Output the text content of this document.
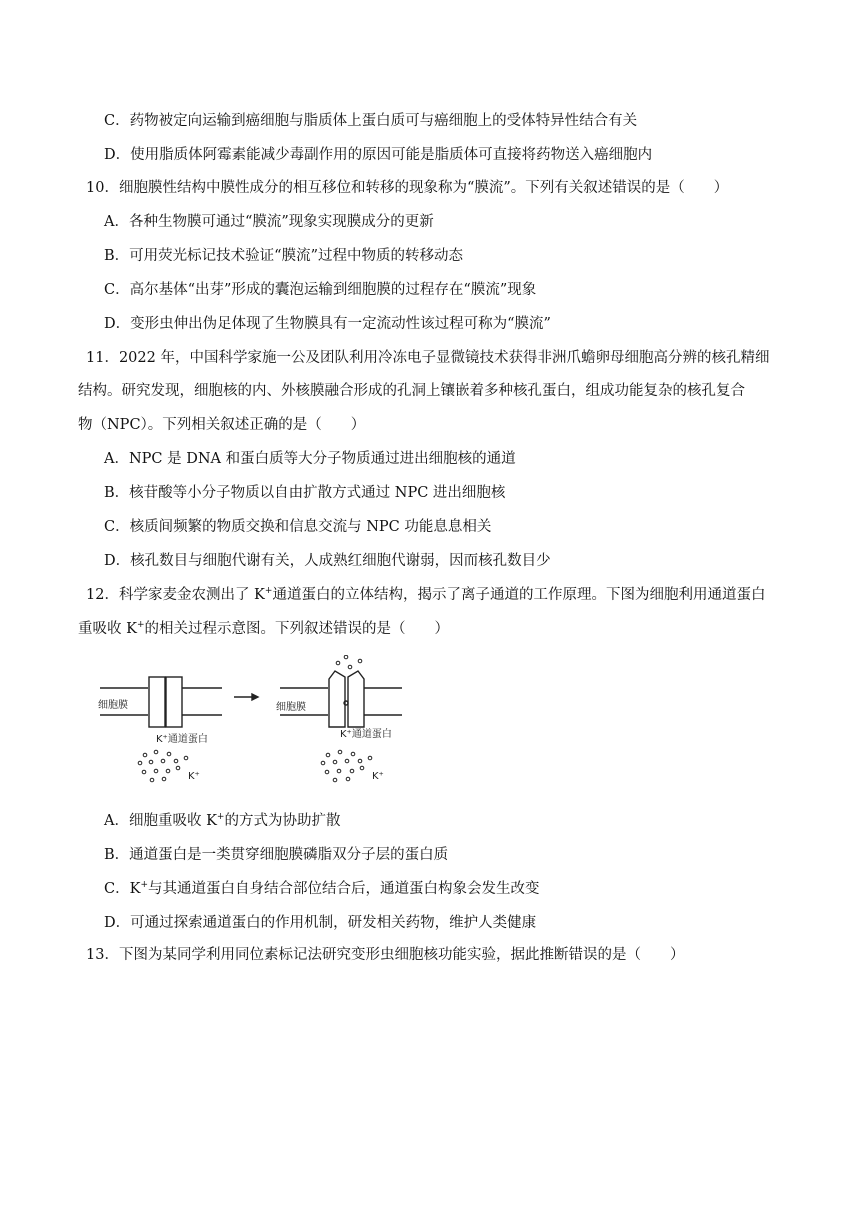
C．药物被定向运输到癌细胞与脂质体上蛋白质可与癌细胞上的受体特异性结合有关
D．使用脂质体阿霉素能减少毒副作用的原因可能是脂质体可直接将药物送入癌细胞内
10．细胞膜性结构中膜性成分的相互移位和转移的现象称为“膜流”。下列有关叙述错误的是（　　）
A．各种生物膜可通过“膜流”现象实现膜成分的更新
B．可用荧光标记技术验证“膜流”过程中物质的转移动态
C．高尔基体“出芽”形成的囊泡运输到细胞膜的过程存在“膜流”现象
D．变形虫伸出伪足体现了生物膜具有一定流动性该过程可称为“膜流”
11．2022 年，中国科学家施一公及团队利用冷冻电子显微镜技术获得非洲爪蟾卵母细胞高分辨的核孔精细
结构。研究发现，细胞核的内、外核膜融合形成的孔洞上镶嵌着多种核孔蛋白，组成功能复杂的核孔复合
物（NPC）。下列相关叙述正确的是（　　）
A．NPC 是 DNA 和蛋白质等大分子物质通过进出细胞核的通道
B．核苷酸等小分子物质以自由扩散方式通过 NPC 进出细胞核
C．核质间频繁的物质交换和信息交流与 NPC 功能息息相关
D．核孔数目与细胞代谢有关，人成熟红细胞代谢弱，因而核孔数目少
12．科学家麦金农测出了 K+通道蛋白的立体结构，揭示了离子通道的工作原理。下图为细胞利用通道蛋白
重吸收 K+的相关过程示意图。下列叙述错误的是（　　）
细胞膜
K⁺通道蛋白
K⁺
细胞膜
K⁺通道蛋白
K⁺
A．细胞重吸收 K+的方式为协助扩散
B．通道蛋白是一类贯穿细胞膜磷脂双分子层的蛋白质
C．K+与其通道蛋白自身结合部位结合后，通道蛋白构象会发生改变
D．可通过探索通道蛋白的作用机制，研发相关药物，维护人类健康
13．下图为某同学利用同位素标记法研究变形虫细胞核功能实验，据此推断错误的是（　　）
